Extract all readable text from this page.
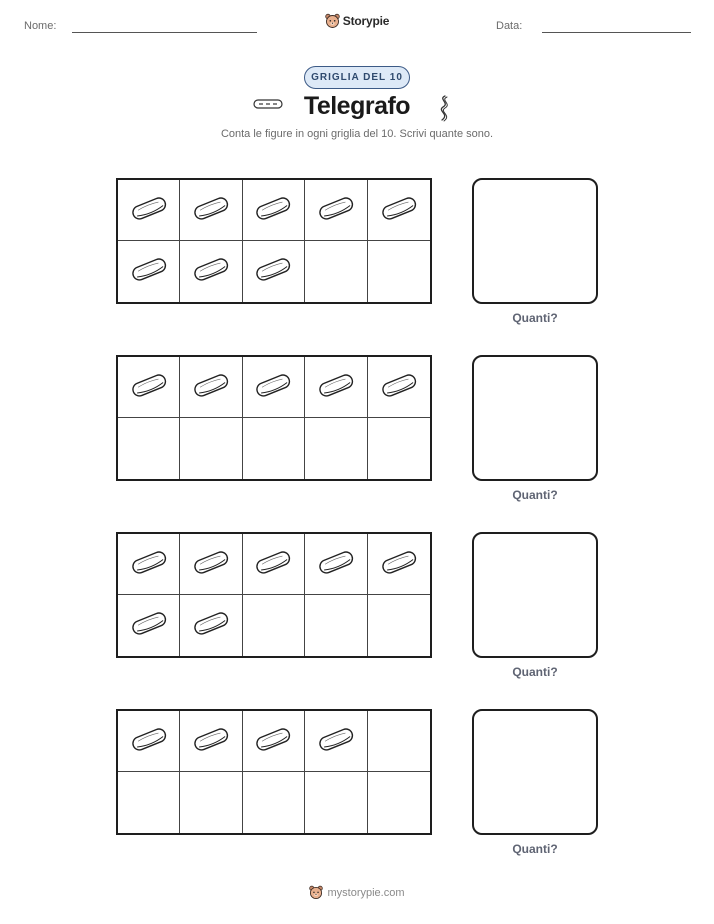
Nome:	Storypie	Data:
GRIGLIA DEL 10
Telegrafo
Conta le figure in ogni griglia del 10. Scrivi quante sono.
Quanti?
Quanti?
Quanti?
Quanti?
mystorypie.com
